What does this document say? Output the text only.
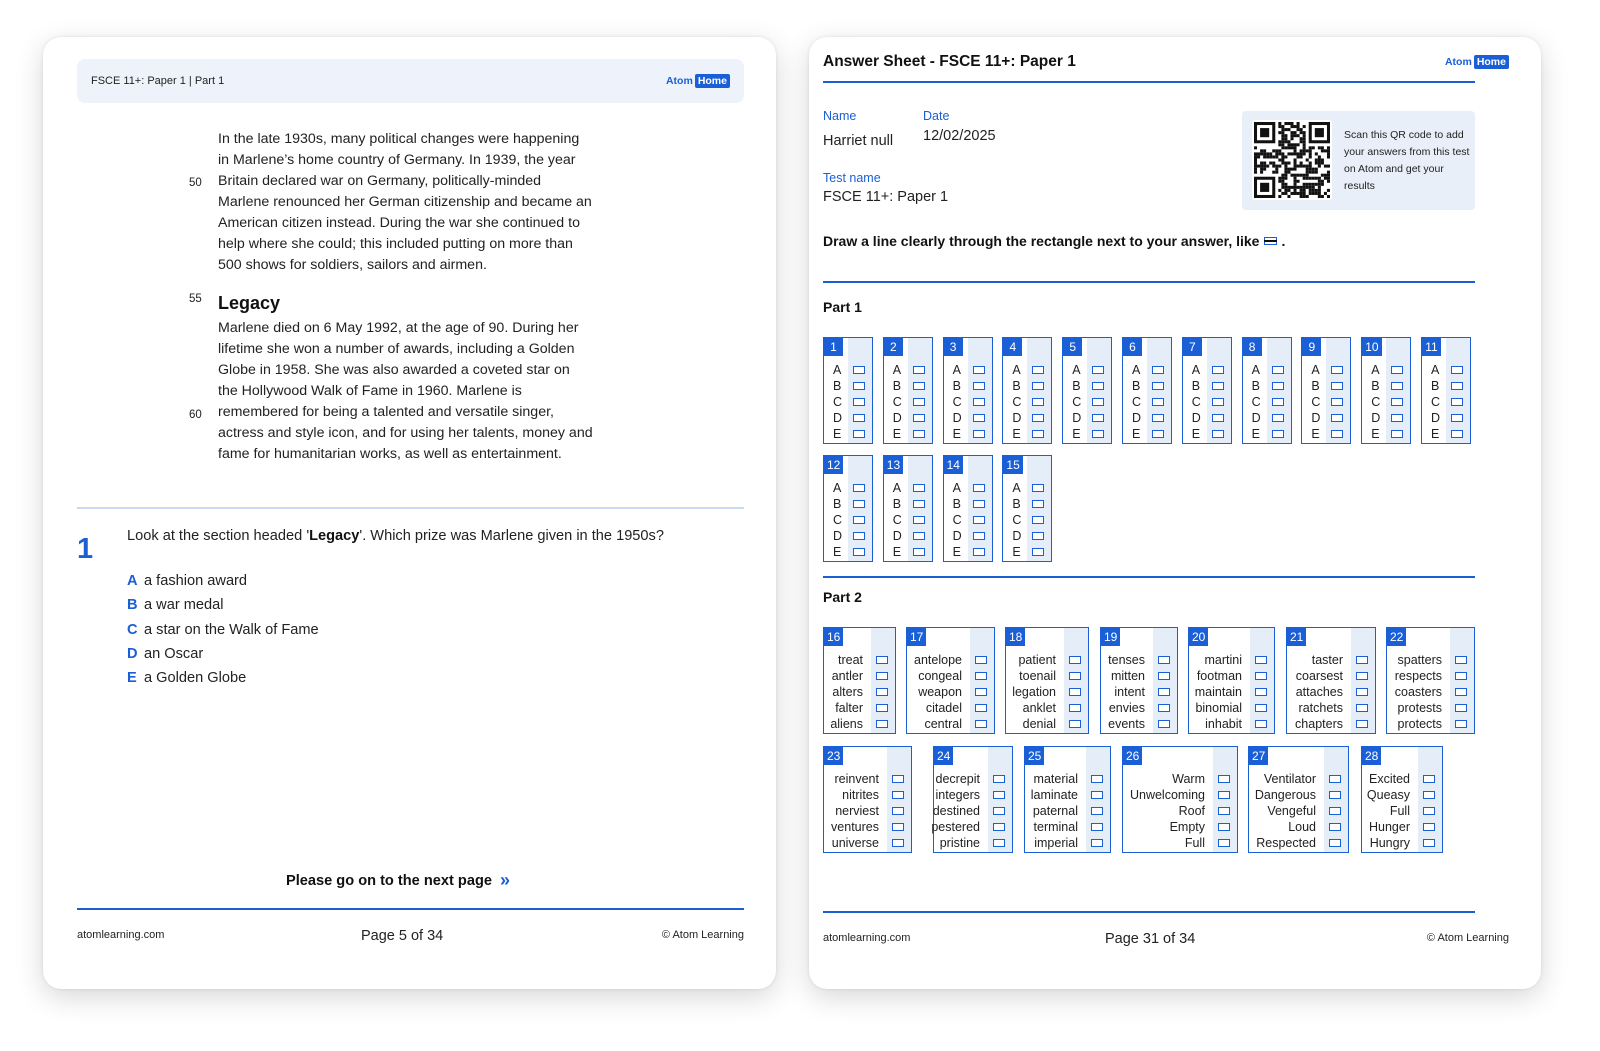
FSCE 11+: Paper 1 | Part 1	Atom Home
In the late 1930s, many political changes were happening
in Marlene’s home country of Germany. In 1939, the year
Britain declared war on Germany, politically-minded
Marlene renounced her German citizenship and became an
American citizen instead. During the war she continued to
help where she could; this included putting on more than
500 shows for soldiers, sailors and airmen.
50
55
60
Legacy
Marlene died on 6 May 1992, at the age of 90. During her
lifetime she won a number of awards, including a Golden
Globe in 1958. She was also awarded a coveted star on
the Hollywood Walk of Fame in 1960. Marlene is
remembered for being a talented and versatile singer,
actress and style icon, and for using her talents, money and
fame for humanitarian works, as well as entertainment.
1 Look at the section headed 'Legacy'. Which prize was Marlene given in the 1950s?
A a fashion award
B a war medal
C a star on the Walk of Fame
D an Oscar
E a Golden Globe
Please go on to the next page »
atomlearning.com	Page 5 of 34	© Atom Learning
Answer Sheet - FSCE 11+: Paper 1	Atom Home
Name
Harriet null
Date
12/02/2025
Test name
FSCE 11+: Paper 1
Scan this QR code to add your answers from this test on Atom and get your results
Draw a line clearly through the rectangle next to your answer, like .
Part 1
1
A
B
C
D
E
2
A
B
C
D
E
3
A
B
C
D
E
4
A
B
C
D
E
5
A
B
C
D
E
6
A
B
C
D
E
7
A
B
C
D
E
8
A
B
C
D
E
9
A
B
C
D
E
10
A
B
C
D
E
11
A
B
C
D
E
12
A
B
C
D
E
13
A
B
C
D
E
14
A
B
C
D
E
15
A
B
C
D
E
Part 2
16
treat
antler
alters
falter
aliens
17
antelope
congeal
weapon
citadel
central
18
patient
toenail
legation
anklet
denial
19
tenses
mitten
intent
envies
events
20
martini
footman
maintain
binomial
inhabit
21
taster
coarsest
attaches
ratchets
chapters
22
spatters
respects
coasters
protests
protects
23
reinvent
nitrites
nerviest
ventures
universe
24
decrepit
integers
destined
pestered
pristine
25
material
laminate
paternal
terminal
imperial
26
Warm
Unwelcoming
Roof
Empty
Full
27
Ventilator
Dangerous
Vengeful
Loud
Respected
28
Excited
Queasy
Full
Hunger
Hungry
atomlearning.com	Page 31 of 34	© Atom Learning
